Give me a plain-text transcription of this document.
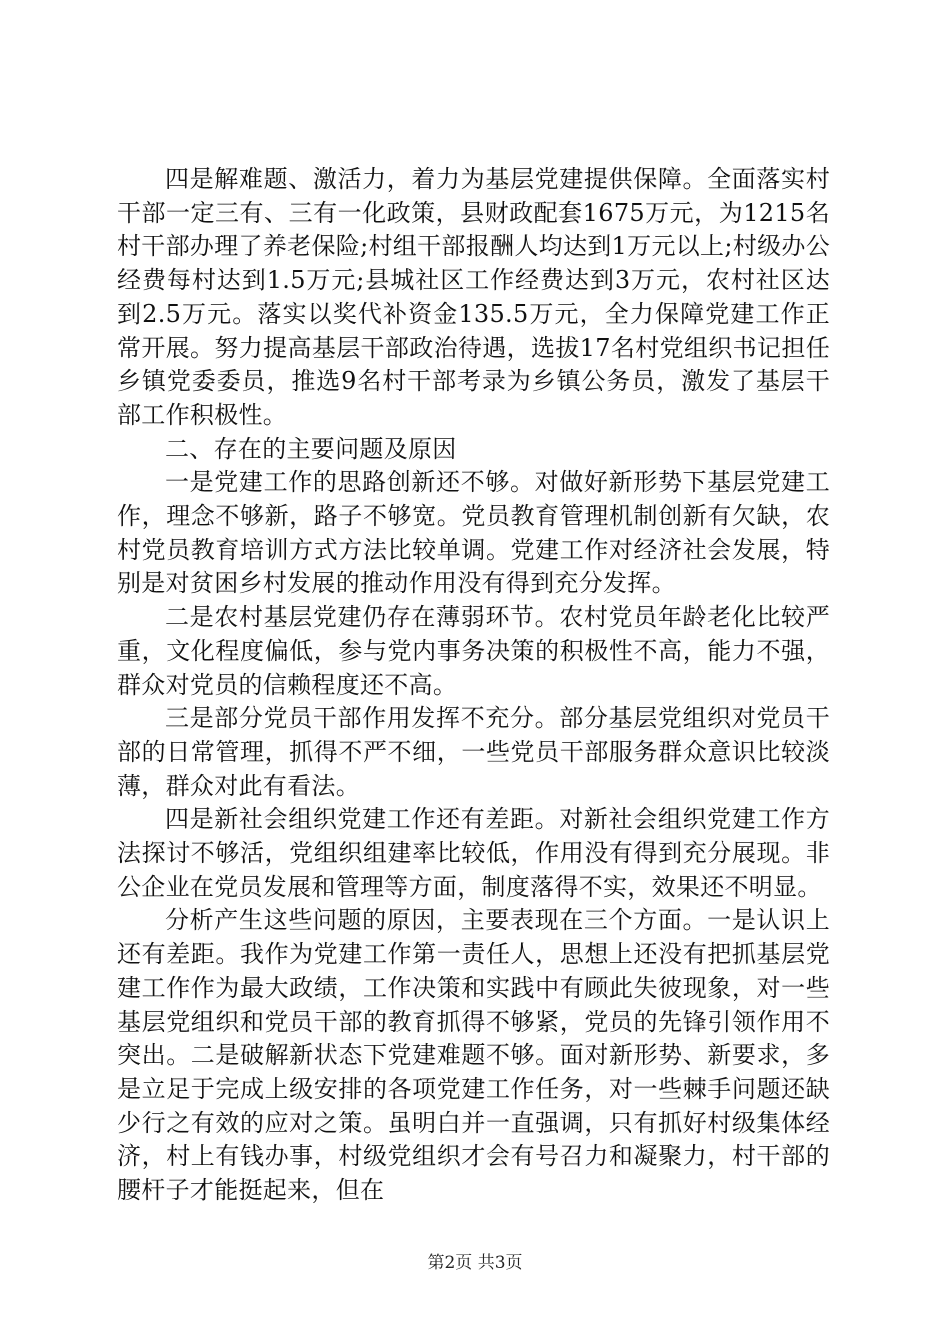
四是解难题、激活力，着力为基层党建提供保障。全面落实村干部一定三有、三有一化政策，县财政配套1675万元，为1215名村干部办理了养老保险;村组干部报酬人均达到1万元以上;村级办公经费每村达到1.5万元;县城社区工作经费达到3万元，农村社区达到2.5万元。落实以奖代补资金135.5万元，全力保障党建工作正常开展。努力提高基层干部政治待遇，选拔17名村党组织书记担任乡镇党委委员，推选9名村干部考录为乡镇公务员，激发了基层干部工作积极性。

二、存在的主要问题及原因

一是党建工作的思路创新还不够。对做好新形势下基层党建工作，理念不够新，路子不够宽。党员教育管理机制创新有欠缺，农村党员教育培训方式方法比较单调。党建工作对经济社会发展，特别是对贫困乡村发展的推动作用没有得到充分发挥。

二是农村基层党建仍存在薄弱环节。农村党员年龄老化比较严重，文化程度偏低，参与党内事务决策的积极性不高，能力不强，群众对党员的信赖程度还不高。

三是部分党员干部作用发挥不充分。部分基层党组织对党员干部的日常管理，抓得不严不细，一些党员干部服务群众意识比较淡薄，群众对此有看法。

四是新社会组织党建工作还有差距。对新社会组织党建工作方法探讨不够活，党组织组建率比较低，作用没有得到充分展现。非公企业在党员发展和管理等方面，制度落得不实，效果还不明显。

分析产生这些问题的原因，主要表现在三个方面。一是认识上还有差距。我作为党建工作第一责任人，思想上还没有把抓基层党建工作作为最大政绩，工作决策和实践中有顾此失彼现象，对一些基层党组织和党员干部的教育抓得不够紧，党员的先锋引领作用不突出。二是破解新状态下党建难题不够。面对新形势、新要求，多是立足于完成上级安排的各项党建工作任务，对一些棘手问题还缺少行之有效的应对之策。虽明白并一直强调，只有抓好村级集体经济，村上有钱办事，村级党组织才会有号召力和凝聚力，村干部的腰杆子才能挺起来，但在

第2页 共3页
